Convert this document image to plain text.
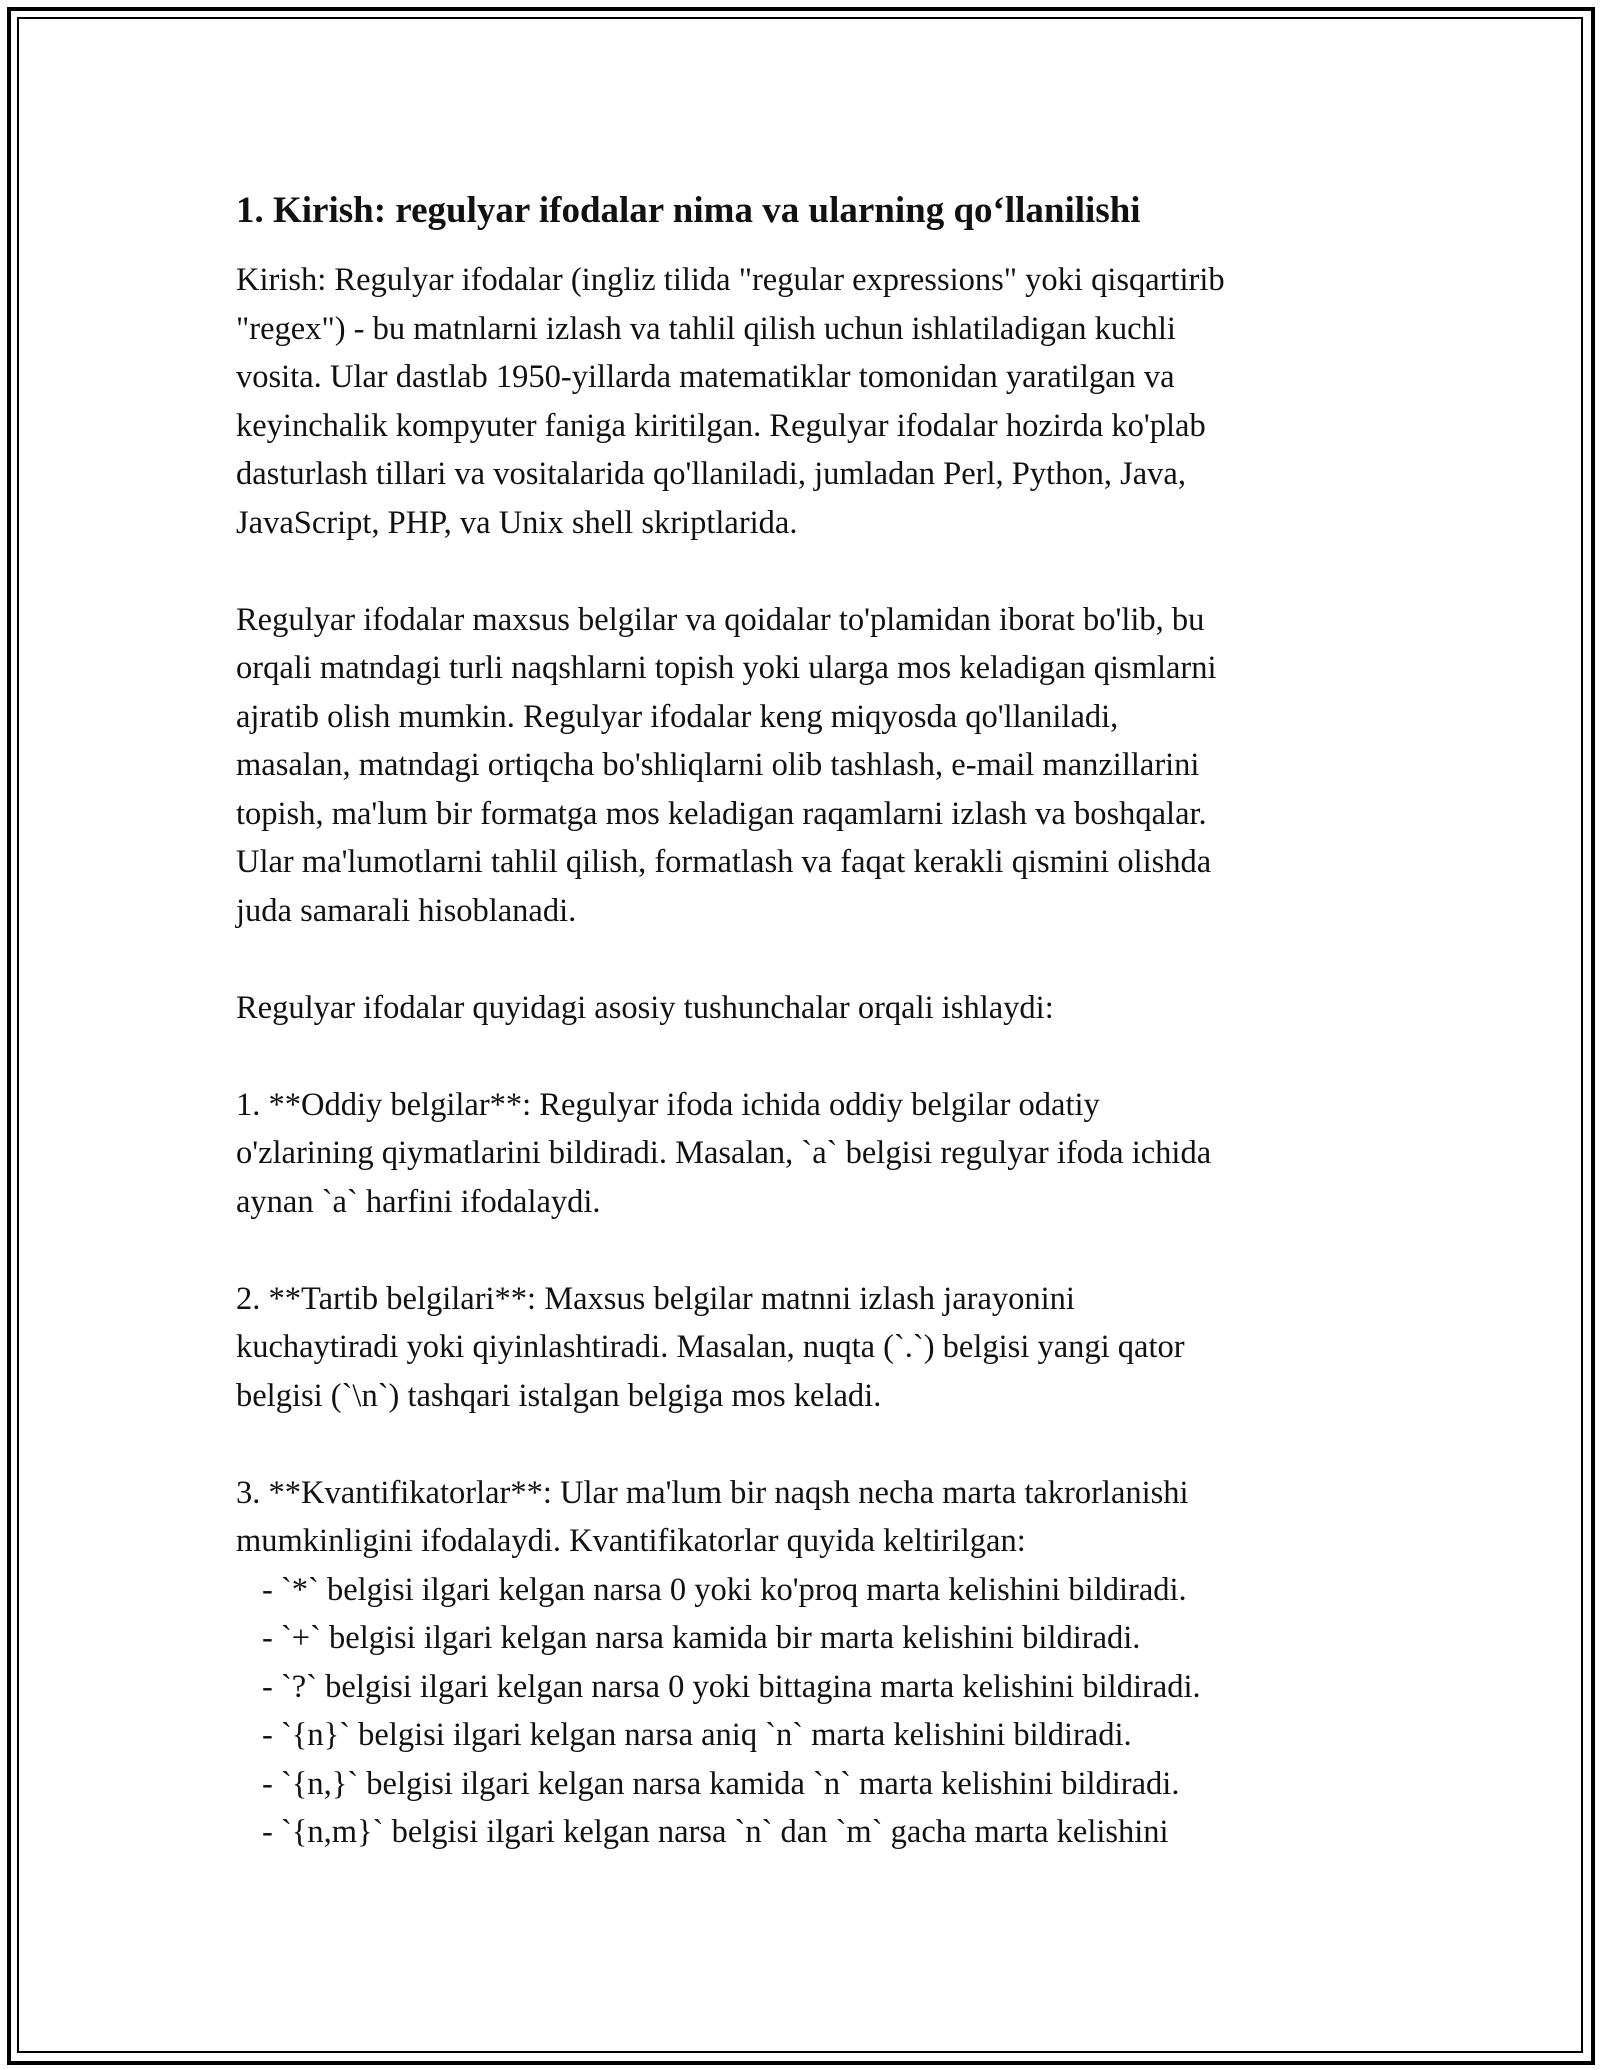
1. Kirish: regulyar ifodalar nima va ularning qo‘llanilishi

Kirish: Regulyar ifodalar (ingliz tilida "regular expressions" yoki qisqartirib

"regex") - bu matnlarni izlash va tahlil qilish uchun ishlatiladigan kuchli

vosita. Ular dastlab 1950-yillarda matematiklar tomonidan yaratilgan va

keyinchalik kompyuter faniga kiritilgan. Regulyar ifodalar hozirda ko'plab

dasturlash tillari va vositalarida qo'llaniladi, jumladan Perl, Python, Java,

JavaScript, PHP, va Unix shell skriptlarida.

Regulyar ifodalar maxsus belgilar va qoidalar to'plamidan iborat bo'lib, bu

orqali matndagi turli naqshlarni topish yoki ularga mos keladigan qismlarni

ajratib olish mumkin. Regulyar ifodalar keng miqyosda qo'llaniladi,

masalan, matndagi ortiqcha bo'shliqlarni olib tashlash, e-mail manzillarini

topish, ma'lum bir formatga mos keladigan raqamlarni izlash va boshqalar.

Ular ma'lumotlarni tahlil qilish, formatlash va faqat kerakli qismini olishda

juda samarali hisoblanadi.

Regulyar ifodalar quyidagi asosiy tushunchalar orqali ishlaydi:

1. **Oddiy belgilar**: Regulyar ifoda ichida oddiy belgilar odatiy

o'zlarining qiymatlarini bildiradi. Masalan, `a` belgisi regulyar ifoda ichida

aynan `a` harfini ifodalaydi.

2. **Tartib belgilari**: Maxsus belgilar matnni izlash jarayonini

kuchaytiradi yoki qiyinlashtiradi. Masalan, nuqta (`.`) belgisi yangi qator

belgisi (`\n`) tashqari istalgan belgiga mos keladi.

3. **Kvantifikatorlar**: Ular ma'lum bir naqsh necha marta takrorlanishi

mumkinligini ifodalaydi. Kvantifikatorlar quyida keltirilgan:

- `*` belgisi ilgari kelgan narsa 0 yoki ko'proq marta kelishini bildiradi.

- `+` belgisi ilgari kelgan narsa kamida bir marta kelishini bildiradi.

- `?` belgisi ilgari kelgan narsa 0 yoki bittagina marta kelishini bildiradi.

- `{n}` belgisi ilgari kelgan narsa aniq `n` marta kelishini bildiradi.

- `{n,}` belgisi ilgari kelgan narsa kamida `n` marta kelishini bildiradi.

- `{n,m}` belgisi ilgari kelgan narsa `n` dan `m` gacha marta kelishini
